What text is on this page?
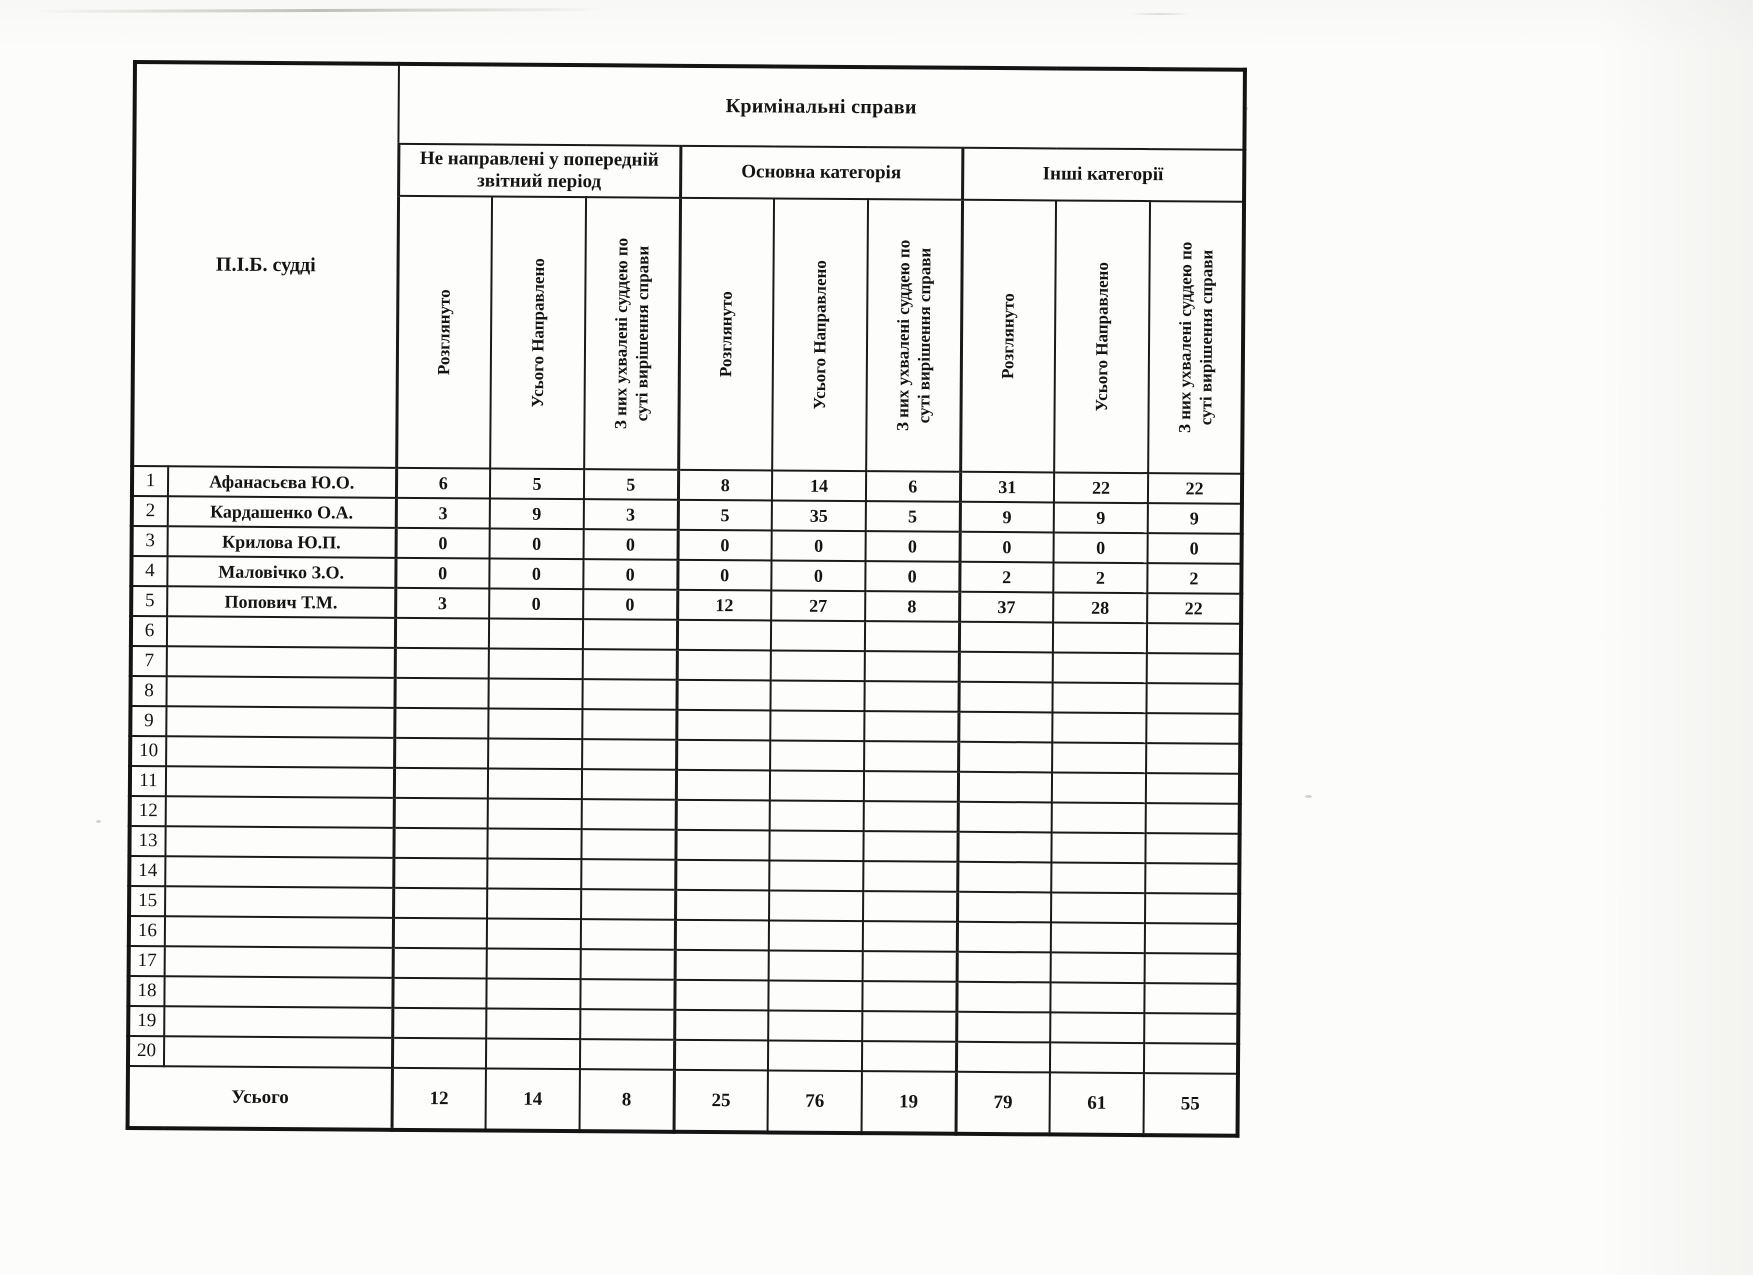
П.І.Б. судді		Кримінальні справи								
		Не направлені у попередній
звітний період			Основна категорія			Інші категорії		

		Розглянуто	Усього Направлено	З них ухвалені суддею по
суті вирішення справи	Розглянуто	Усього Направлено	З них ухвалені суддею по
суті вирішення справи	Розглянуто	Усього Направлено	З них ухвалені суддею по
суті вирішення справи

1	Афанасьєва Ю.О.	6	5	5	8	14	6	31	22	22
2	Кардашенко О.А.	3	9	3	5	35	5	9	9	9
3	Крилова Ю.П.	0	0	0	0	0	0	0	0	0
4	Маловічко З.О.	0	0	0	0	0	0	2	2	2
5	Попович Т.М.	3	0	0	12	27	8	37	28	22
6										
7										
8										
9										
10										
11										
12										
13										
14										
15										
16										
17										
18										
19										
20										
Усього		12	14	8	25	76	19	79	61	55
